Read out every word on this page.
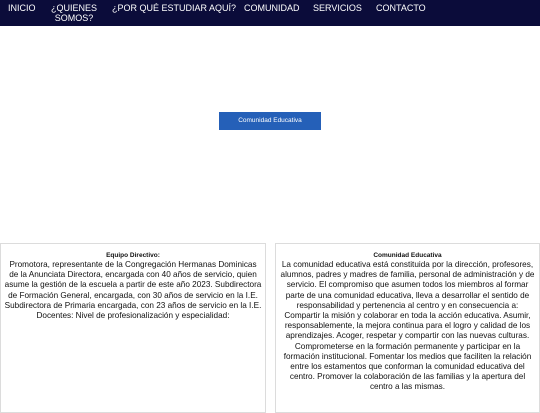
INICIO ¿QUIENES
SOMOS?
¿POR QUÉ ESTUDIAR AQUÍ? COMUNIDAD SERVICIOS CONTACTO
Comunidad Educativa
Equipo Directivo:

Promotora, representante de la Congregación Hermanas Dominicas de la Anunciata Directora, encargada con 40 años de servicio, quien asume la gestión de la escuela a partir de este año 2023. Subdirectora de Formación General, encargada, con 30 años de servicio en la I.E. Subdirectora de Primaria encargada, con 23 años de servicio en la I.E. Docentes: Nivel de profesionalización y especialidad:

Comunidad Educativa

La comunidad educativa está constituida por la dirección, profesores, alumnos, padres y madres de familia, personal de administración y de servicio. El compromiso que asumen todos los miembros al formar parte de una comunidad educativa, lleva a desarrollar el sentido de responsabilidad y pertenencia al centro y en consecuencia a: Compartir la misión y colaborar en toda la acción educativa. Asumir, responsablemente, la mejora continua para el logro y calidad de los aprendizajes. Acoger, respetar y compartir con las nuevas culturas. Comprometerse en la formación permanente y participar en la formación institucional. Fomentar los medios que faciliten la relación entre los estamentos que conforman la comunidad educativa del centro. Promover la colaboración de las familias y la apertura del centro a las mismas.
